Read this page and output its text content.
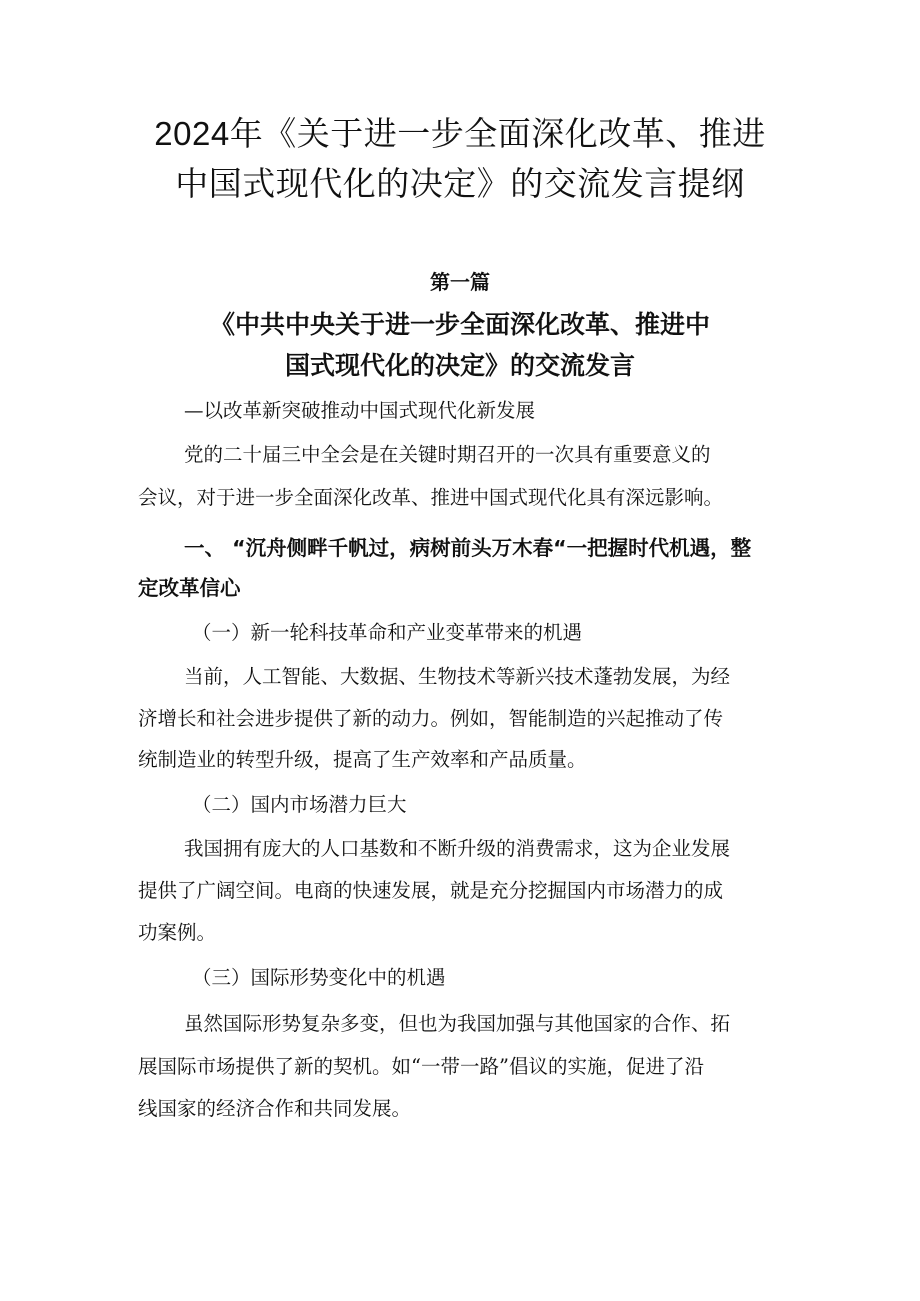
2024年《关于进一步全面深化改革、推进

中国式现代化的决定》的交流发言提纲

第一篇

《中共中央关于进一步全面深化改革、推进中

国式现代化的决定》的交流发言

—以改革新突破推动中国式现代化新发展

党的二十届三中全会是在关键时期召开的一次具有重要意义的

会议，对于进一步全面深化改革、推进中国式现代化具有深远影响。

一、 “沉舟侧畔千帆过，病树前头万木春“一把握时代机遇，整

定改革信心

（一）新一轮科技革命和产业变革带来的机遇

当前，人工智能、大数据、生物技术等新兴技术蓬勃发展，为经

济增长和社会进步提供了新的动力。例如，智能制造的兴起推动了传

统制造业的转型升级，提高了生产效率和产品质量。

（二）国内市场潜力巨大

我国拥有庞大的人口基数和不断升级的消费需求，这为企业发展

提供了广阔空间。电商的快速发展，就是充分挖掘国内市场潜力的成

功案例。

（三）国际形势变化中的机遇

虽然国际形势复杂多变，但也为我国加强与其他国家的合作、拓

展国际市场提供了新的契机。如“一带一路”倡议的实施，促进了沿

线国家的经济合作和共同发展。
